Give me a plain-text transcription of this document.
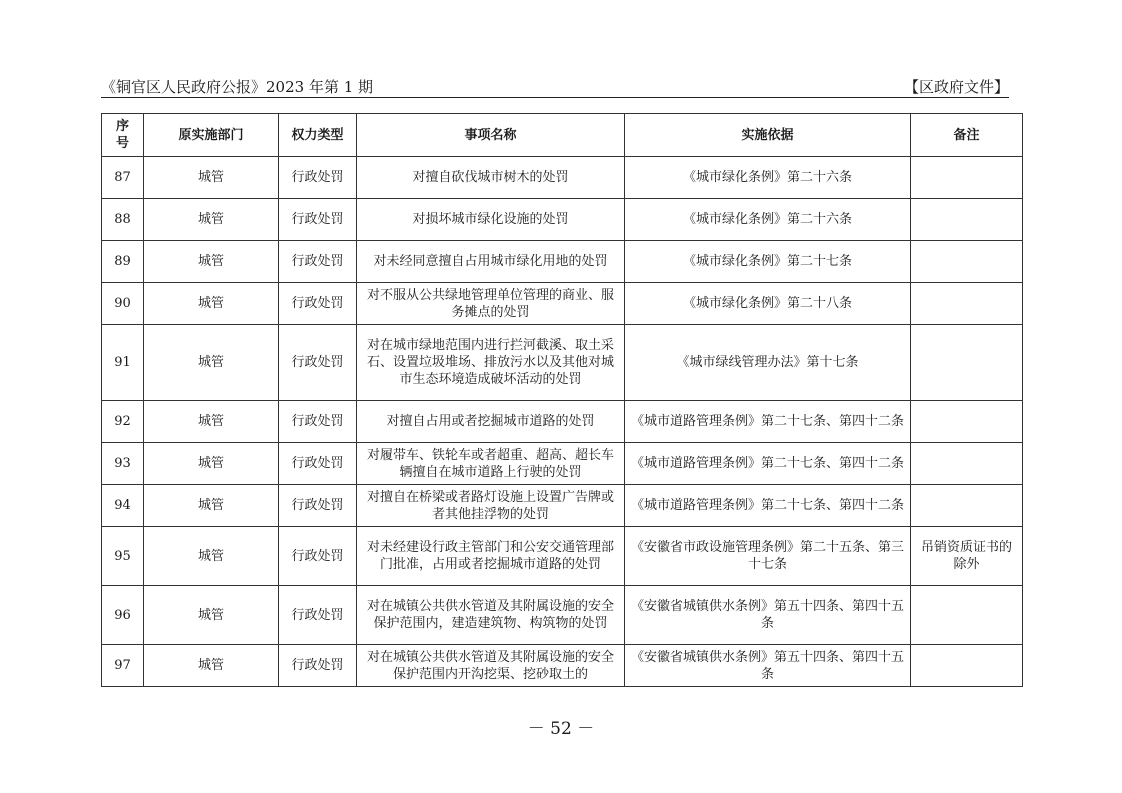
《铜官区人民政府公报》2023 年第 1 期	【区政府文件】
序号	原实施部门	权力类型	事项名称	实施依据	备注
87	城管	行政处罚	对擅自砍伐城市树木的处罚	《城市绿化条例》第二十六条	
88	城管	行政处罚	对损坏城市绿化设施的处罚	《城市绿化条例》第二十六条	
89	城管	行政处罚	对未经同意擅自占用城市绿化用地的处罚	《城市绿化条例》第二十七条	
90	城管	行政处罚	对不服从公共绿地管理单位管理的商业、服务摊点的处罚	《城市绿化条例》第二十八条	
91	城管	行政处罚	对在城市绿地范围内进行拦河截溪、取土采石、设置垃圾堆场、排放污水以及其他对城市生态环境造成破坏活动的处罚	《城市绿线管理办法》第十七条	
92	城管	行政处罚	对擅自占用或者挖掘城市道路的处罚	《城市道路管理条例》第二十七条、第四十二条	
93	城管	行政处罚	对履带车、铁轮车或者超重、超高、超长车辆擅自在城市道路上行驶的处罚	《城市道路管理条例》第二十七条、第四十二条	
94	城管	行政处罚	对擅自在桥梁或者路灯设施上设置广告牌或者其他挂浮物的处罚	《城市道路管理条例》第二十七条、第四十二条	
95	城管	行政处罚	对未经建设行政主管部门和公安交通管理部门批准，占用或者挖掘城市道路的处罚	《安徽省市政设施管理条例》第二十五条、第三十七条	吊销资质证书的除外
96	城管	行政处罚	对在城镇公共供水管道及其附属设施的安全保护范围内，建造建筑物、构筑物的处罚	《安徽省城镇供水条例》第五十四条、第四十五条	
97	城管	行政处罚	对在城镇公共供水管道及其附属设施的安全保护范围内开沟挖渠、挖砂取土的	《安徽省城镇供水条例》第五十四条、第四十五条	
－ 52 －
